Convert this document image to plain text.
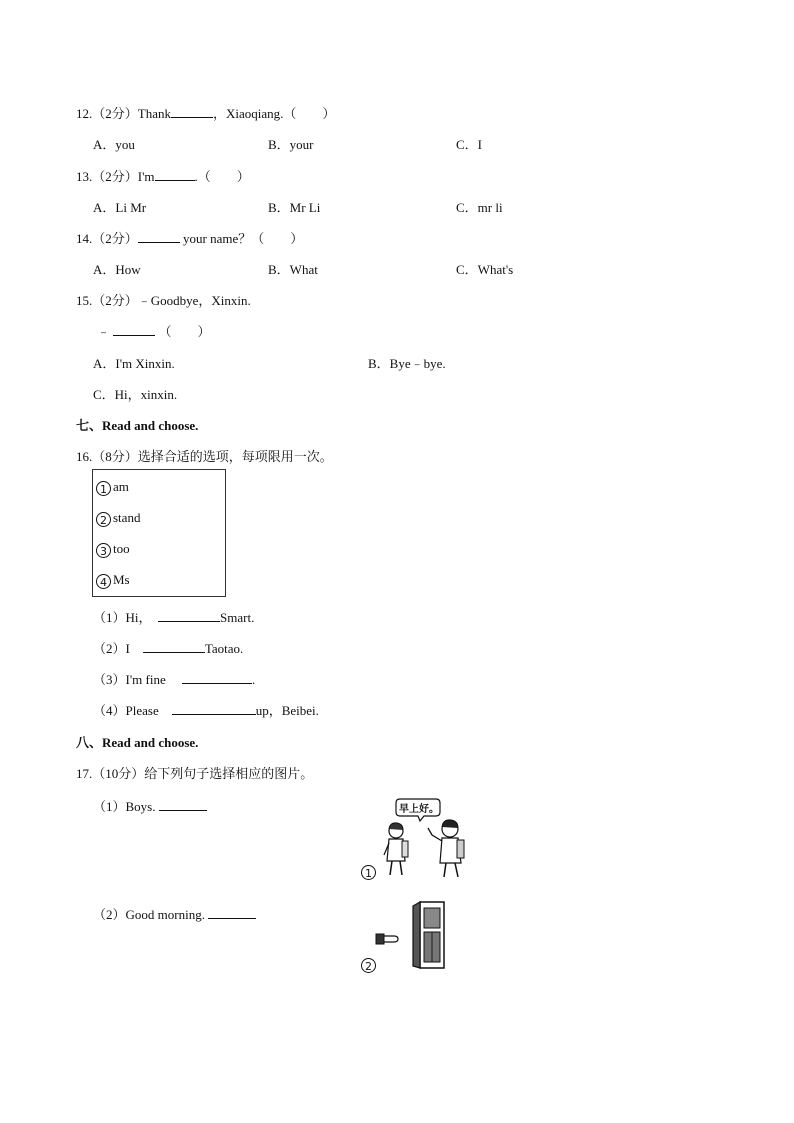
12.（2分）Thank	，Xiaoqiang.（　　）
A．you	B．your	C．I
13.（2分）I'm	.（　　）
A．Li Mr	B．Mr Li	C．mr li
14.（2分）	your name？（　　）
A．How	B．What	C．What's
15.（2分）﹣Goodbye，Xinxin.
﹣	（　　）
A．I'm Xinxin.	B．Bye﹣bye.
C．Hi，xinxin.
七、Read and choose.
16.（8分）选择合适的选项，每项限用一次。
1 am
2 stand
3 too
4 Ms
（1）Hi，	Smart.
（2）I	Taotao.
（3）I'm fine	.
（4）Please	up，Beibei.
八、Read and choose.
17.（10分）给下列句子选择相应的图片。
（1）Boys.
（2）Good morning.
早上好。
1
2
